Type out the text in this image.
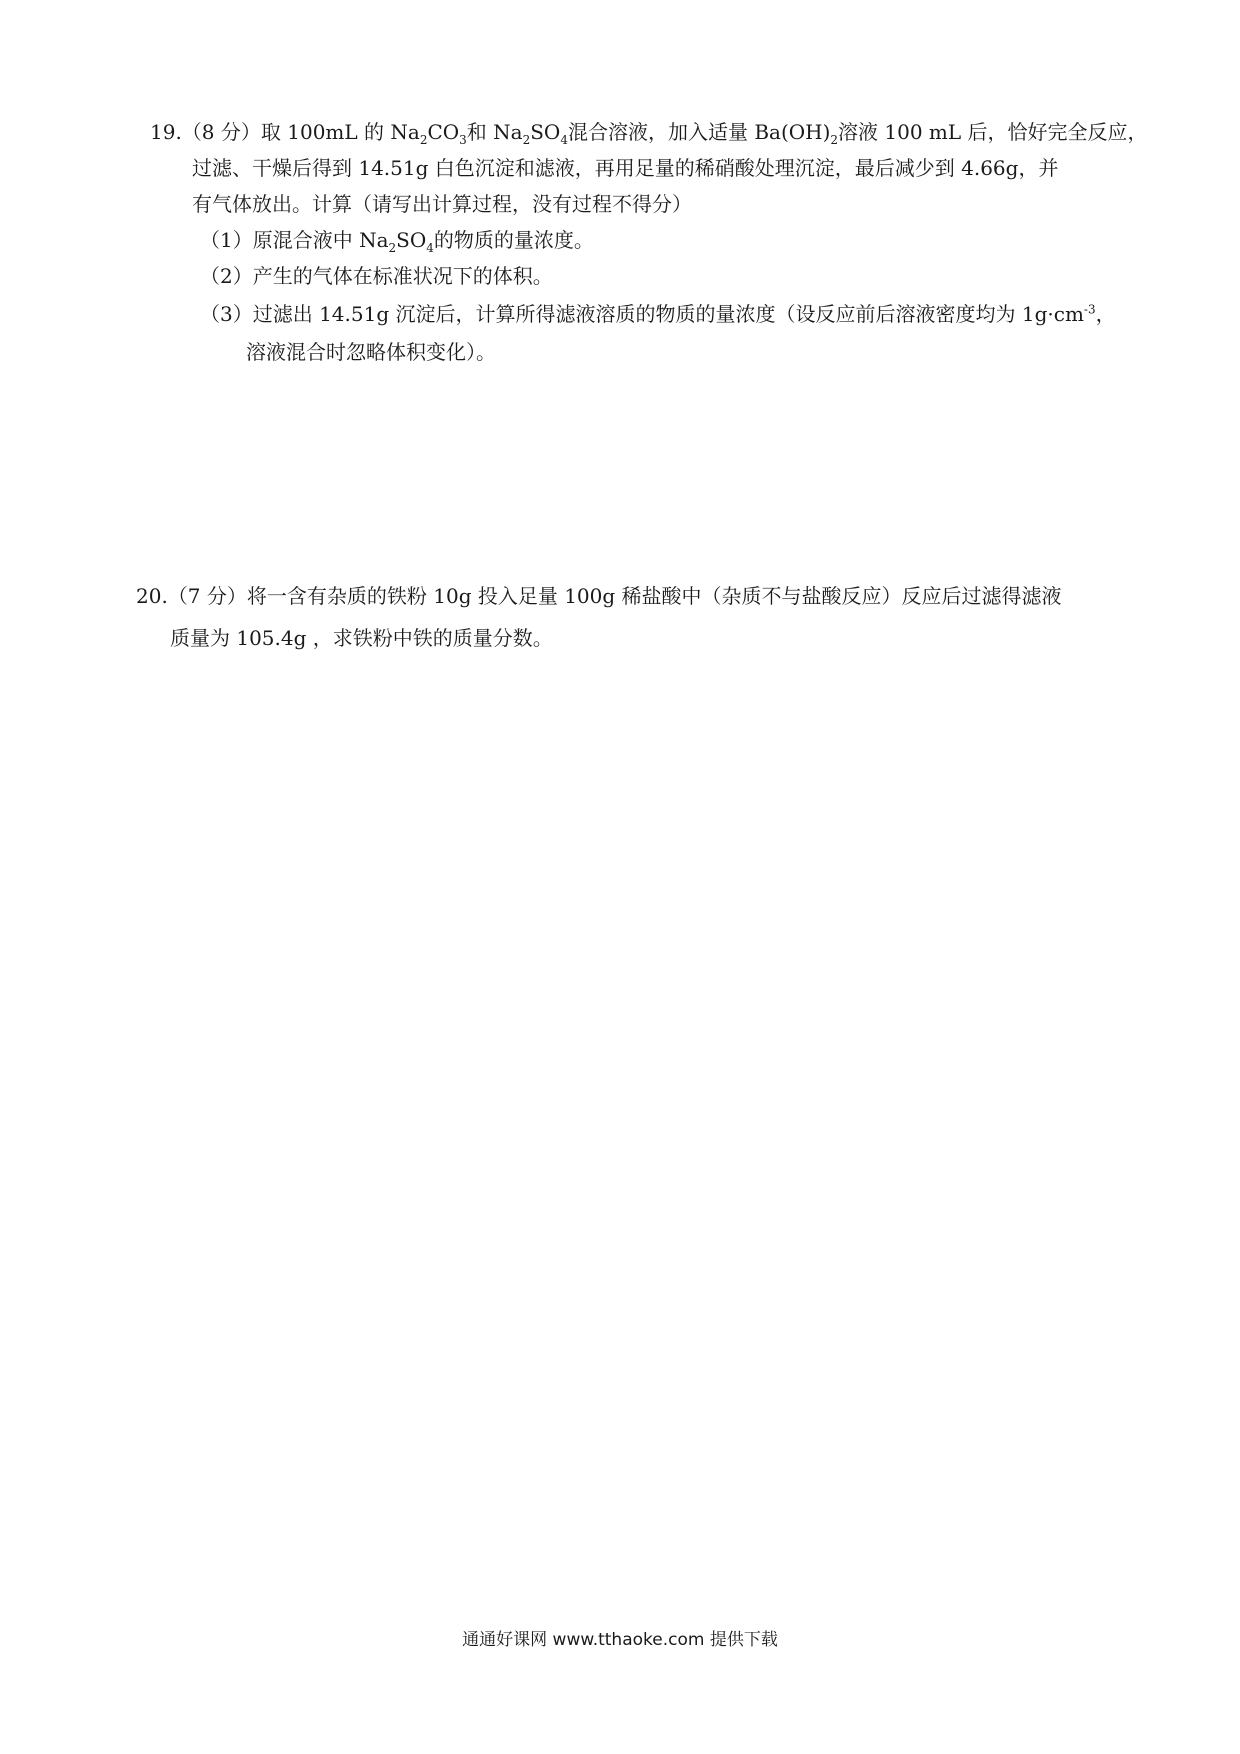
19.（8 分）取 100mL 的 $Na_2CO_3$和 $Na_2SO_4$混合溶液，加入适量 $Ba(OH)_2$溶液 100 mL 后，恰好完全反应，
过滤、干燥后得到 14.51g 白色沉淀和滤液，再用足量的稀硝酸处理沉淀，最后减少到 4.66g，并
有气体放出。计算（请写出计算过程，没有过程不得分）
（1）原混合液中 $Na_2SO_4$的物质的量浓度。
（2）产生的气体在标准状况下的体积。
（3）过滤出 14.51g 沉淀后，计算所得滤液溶质的物质的量浓度（设反应前后溶液密度均为 $1g\cdot cm^{-3}$，
溶液混合时忽略体积变化）。
20.（7 分）将一含有杂质的铁粉 10g 投入足量 100g 稀盐酸中（杂质不与盐酸反应）反应后过滤得滤液
质量为 105.4g ，求铁粉中铁的质量分数。
通通好课网 www.tthaoke.com 提供下载
